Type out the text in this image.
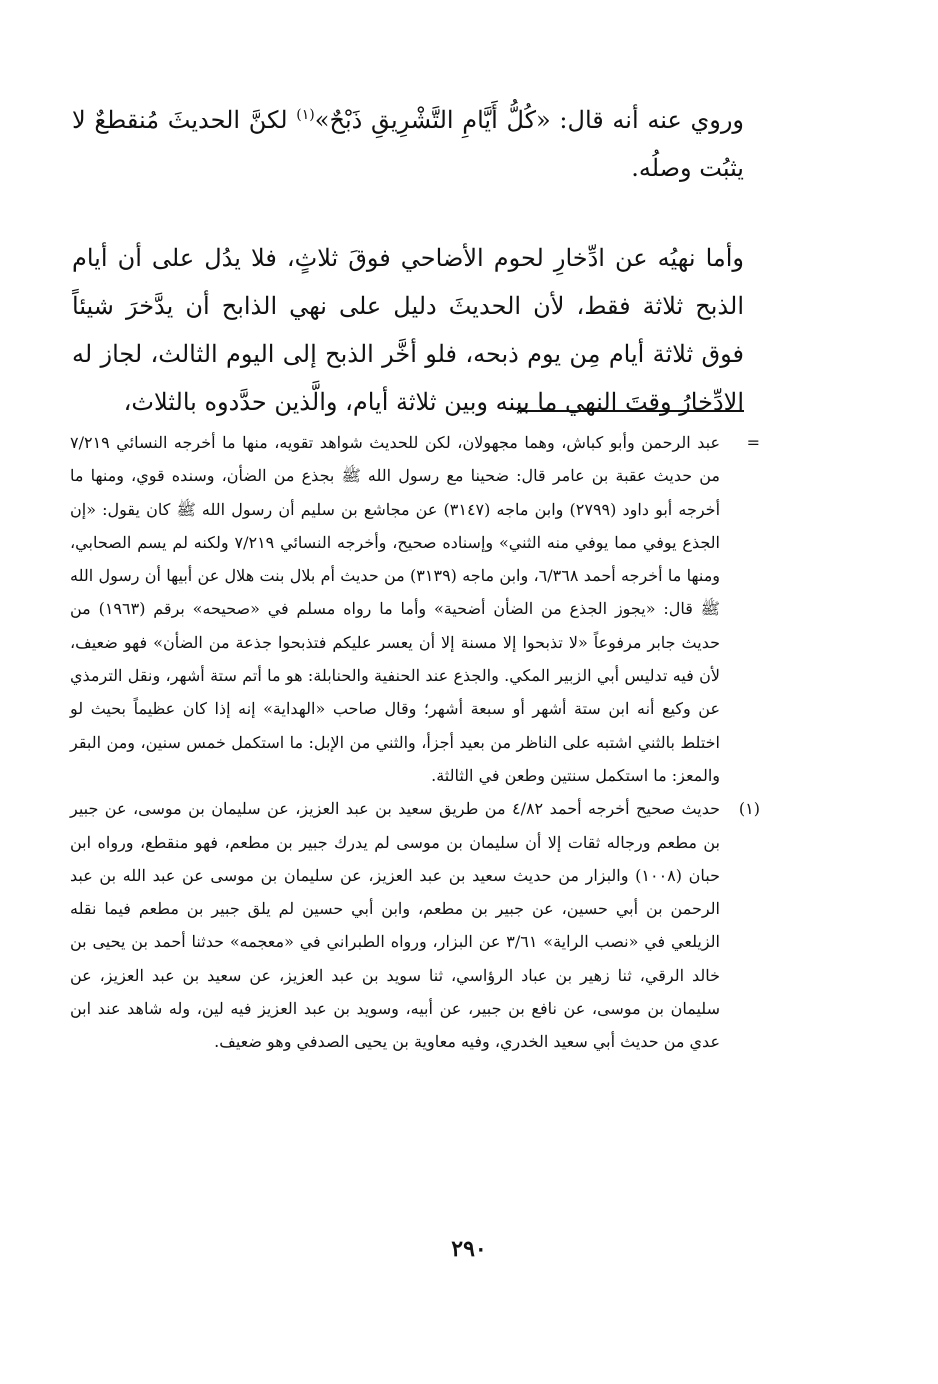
وروي عنه أنه قال: «كُلُّ أَيَّامِ التَّشْرِيقِ ذَبْحٌ»$^{(١)}$ لكنَّ الحديثَ مُنقطعٌ لا يثبُت وصلُه.

وأما نهيُه عن ادِّخارِ لحوم الأضاحي فوقَ ثلاثٍ، فلا يدُل على أن أيام الذبح ثلاثة فقط، لأن الحديثَ دليل على نهي الذابح أن يدَّخرَ شيئاً فوق ثلاثة أيام مِن يوم ذبحه، فلو أخَّر الذبح إلى اليوم الثالث، لجاز له الادِّخارُ وقتَ النهي ما بينه وبين ثلاثة أيام، والَّذين حدَّدوه بالثلاث،

=
عبد الرحمن وأبو كباش، وهما مجهولان، لكن للحديث شواهد تقويه، منها ما أخرجه النسائي ٧/٢١٩ من حديث عقبة بن عامر قال: ضحينا مع رسول الله ﷺ بجذع من الضأن، وسنده قوي، ومنها ما أخرجه أبو داود (٢٧٩٩) وابن ماجه (٣١٤٧) عن مجاشع بن سليم أن رسول الله ﷺ كان يقول: «إن الجذع يوفي مما يوفي منه الثني» وإسناده صحيح، وأخرجه النسائي ٧/٢١٩ ولكنه لم يسم الصحابي، ومنها ما أخرجه أحمد ٦/٣٦٨، وابن ماجه (٣١٣٩) من حديث أم بلال بنت هلال عن أبيها أن رسول الله ﷺ قال: «يجوز الجذع من الضأن أضحية» وأما ما رواه مسلم في «صحيحه» برقم (١٩٦٣) من حديث جابر مرفوعاً «لا تذبحوا إلا مسنة إلا أن يعسر عليكم فتذبحوا جذعة من الضأن» فهو ضعيف، لأن فيه تدليس أبي الزبير المكي. والجذع عند الحنفية والحنابلة: هو ما أتم ستة أشهر، ونقل الترمذي عن وكيع أنه ابن ستة أشهر أو سبعة أشهر؛ وقال صاحب «الهداية» إنه إذا كان عظيماً بحيث لو اختلط بالثني اشتبه على الناظر من بعيد أجزأ، والثني من الإبل: ما استكمل خمس سنين، ومن البقر والمعز: ما استكمل سنتين وطعن في الثالثة.
(١)
حديث صحيح أخرجه أحمد ٤/٨٢ من طريق سعيد بن عبد العزيز، عن سليمان بن موسى، عن جبير بن مطعم ورجاله ثقات إلا أن سليمان بن موسى لم يدرك جبير بن مطعم، فهو منقطع، ورواه ابن حبان (١٠٠٨) والبزار من حديث سعيد بن عبد العزيز، عن سليمان بن موسى عن عبد الله بن عبد الرحمن بن أبي حسين، عن جبير بن مطعم، وابن أبي حسين لم يلق جبير بن مطعم فيما نقله الزيلعي في «نصب الراية» ٣/٦١ عن البزار، ورواه الطبراني في «معجمه» حدثنا أحمد بن يحيى بن خالد الرقي، ثنا زهير بن عباد الرؤاسي، ثنا سويد بن عبد العزيز، عن سعيد بن عبد العزيز، عن سليمان بن موسى، عن نافع بن جبير، عن أبيه، وسويد بن عبد العزيز فيه لين، وله شاهد عند ابن عدي من حديث أبي سعيد الخدري، وفيه معاوية بن يحيى الصدفي وهو ضعيف.
٢٩٠
